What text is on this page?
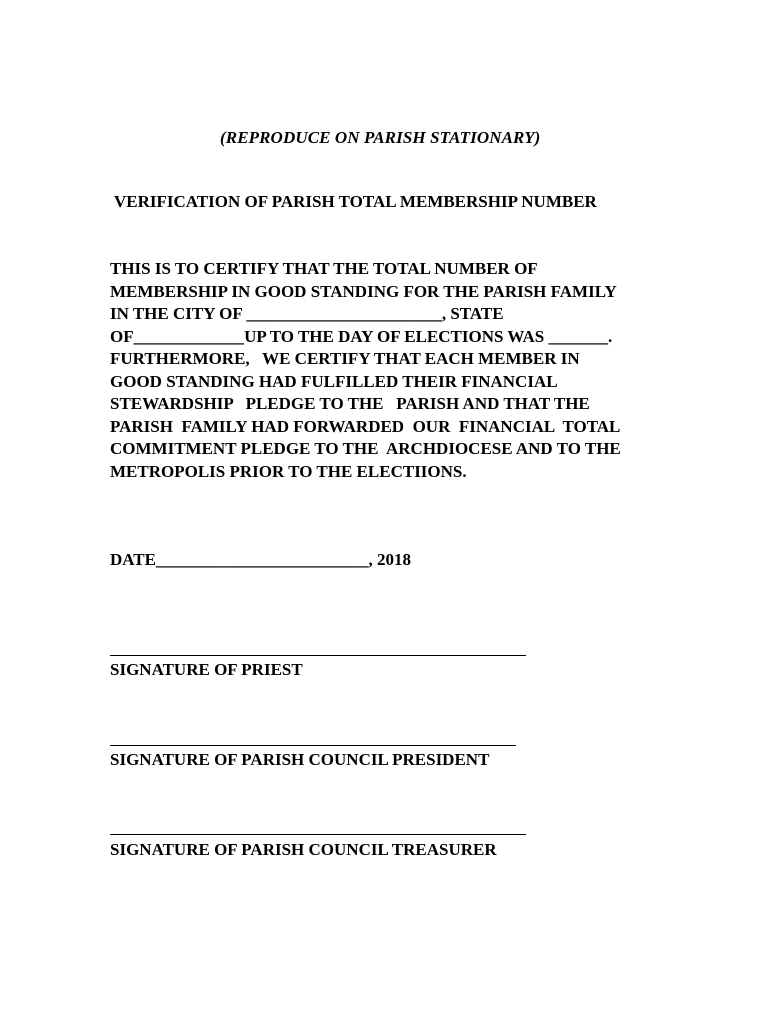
(REPRODUCE ON PARISH STATIONARY)
VERIFICATION OF PARISH TOTAL MEMBERSHIP NUMBER
THIS IS TO CERTIFY THAT THE TOTAL NUMBER OF
MEMBERSHIP IN GOOD STANDING FOR THE PARISH FAMILY
IN THE CITY OF _______________________, STATE
OF_____________UP TO THE DAY OF ELECTIONS WAS _______.
FURTHERMORE,   WE CERTIFY THAT EACH MEMBER IN
GOOD STANDING HAD FULFILLED THEIR FINANCIAL
STEWARDSHIP   PLEDGE TO THE   PARISH AND THAT THE
PARISH  FAMILY HAD FORWARDED  OUR  FINANCIAL  TOTAL
COMMITMENT PLEDGE TO THE  ARCHDIOCESE AND TO THE
METROPOLIS PRIOR TO THE ELECTIIONS.
DATE_________________________, 2018
SIGNATURE OF PRIEST
SIGNATURE OF PARISH COUNCIL PRESIDENT
SIGNATURE OF PARISH COUNCIL TREASURER
